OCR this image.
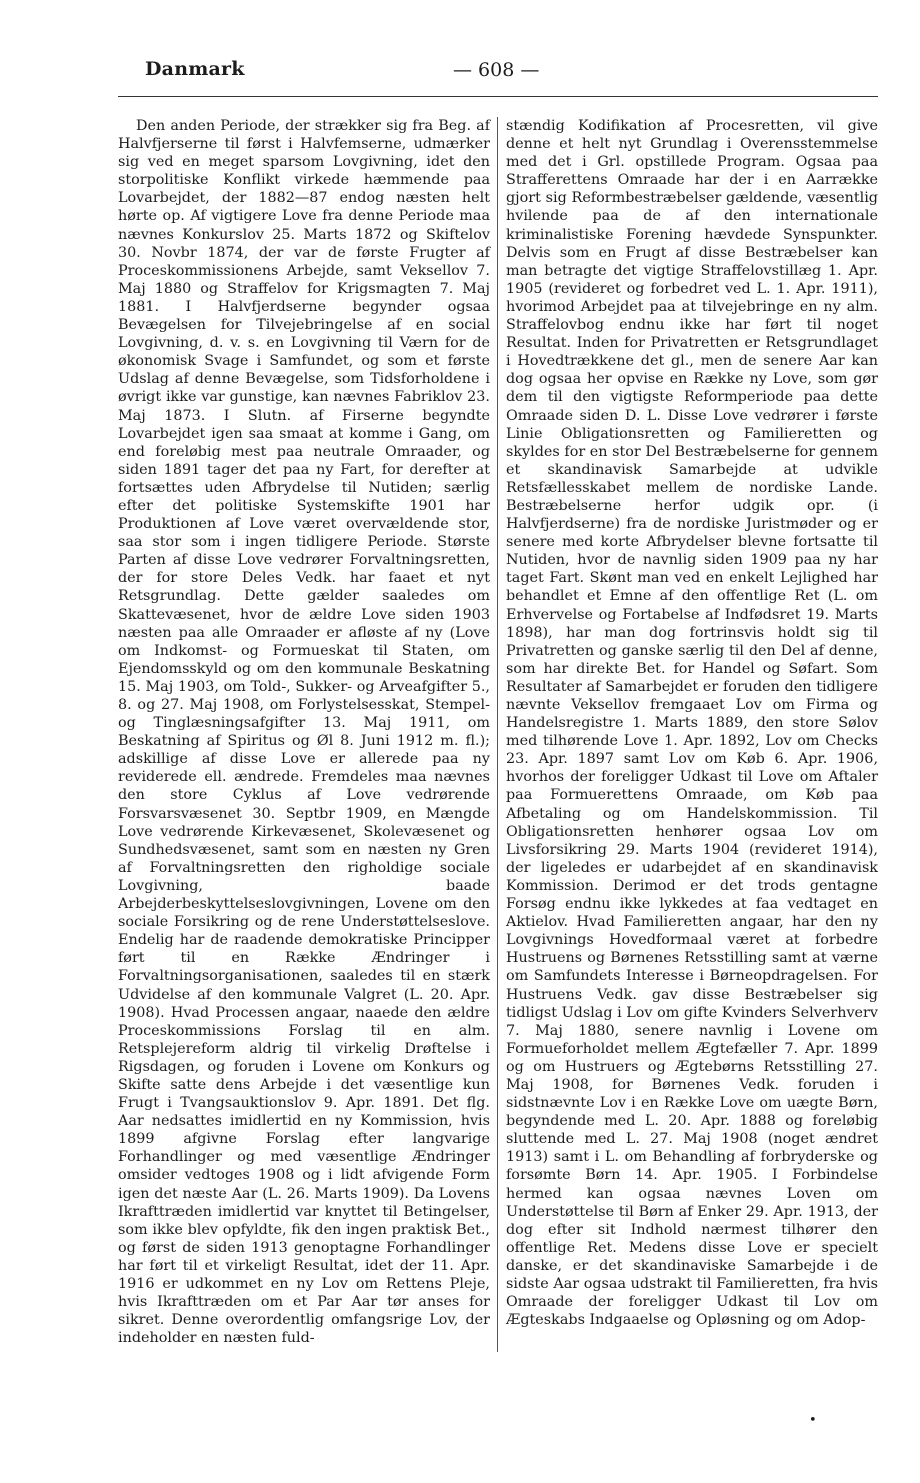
Danmark	— 608 —

Den anden Periode, der strækker sig fra Beg. af Halvfjerserne til først i Halvfemserne, udmærker sig ved en meget sparsom Lovgivning, idet den storpolitiske Konflikt virkede hæmmende paa Lovarbejdet, der 1882—87 endog næsten helt hørte op. Af vigtigere Love fra denne Periode maa nævnes Konkurslov 25. Marts 1872 og Skiftelov 30. Novbr 1874, der var de første Frugter af Proceskommissionens Arbejde, samt Veksellov 7. Maj 1880 og Straffelov for Krigsmagten 7. Maj 1881. I Halvfjerdserne begynder ogsaa Bevægelsen for Tilvejebringelse af en social Lovgivning, d. v. s. en Lovgivning til Værn for de økonomisk Svage i Samfundet, og som et første Udslag af denne Bevægelse, som Tidsforholdene i øvrigt ikke var gunstige, kan nævnes Fabriklov 23. Maj 1873. I Slutn. af Firserne begyndte Lovarbejdet igen saa smaat at komme i Gang, om end foreløbig mest paa neutrale Omraader, og siden 1891 tager det paa ny Fart, for derefter at fortsættes uden Afbrydelse til Nutiden; særlig efter det politiske Systemskifte 1901 har Produktionen af Love været overvældende stor, saa stor som i ingen tidligere Periode. Største Parten af disse Love vedrører Forvaltningsretten, der for store Deles Vedk. har faaet et nyt Retsgrundlag. Dette gælder saaledes om Skattevæsenet, hvor de ældre Love siden 1903 næsten paa alle Omraader er afløste af ny (Love om Indkomst- og Formueskat til Staten, om Ejendomsskyld og om den kommunale Beskatning 15. Maj 1903, om Told-, Sukker- og Arveafgifter 5., 8. og 27. Maj 1908, om Forlystelsesskat, Stempel- og Tinglæsningsafgifter 13. Maj 1911, om Beskatning af Spiritus og Øl 8. Juni 1912 m. fl.); adskillige af disse Love er allerede paa ny reviderede ell. ændrede. Fremdeles maa nævnes den store Cyklus af Love vedrørende Forsvarsvæsenet 30. Septbr 1909, en Mængde Love vedrørende Kirkevæsenet, Skolevæsenet og Sundhedsvæsenet, samt som en næsten ny Gren af Forvaltningsretten den righoldige sociale Lovgivning, baade Arbejderbeskyttelseslovgivningen, Lovene om den sociale Forsikring og de rene Understøttelseslove. Endelig har de raadende demokratiske Principper ført til en Række Ændringer i Forvaltningsorganisationen, saaledes til en stærk Udvidelse af den kommunale Valgret (L. 20. Apr. 1908). Hvad Processen angaar, naaede den ældre Proceskommissions Forslag til en alm. Retsplejereform aldrig til virkelig Drøftelse i Rigsdagen, og foruden i Lovene om Konkurs og Skifte satte dens Arbejde i det væsentlige kun Frugt i Tvangsauktionslov 9. Apr. 1891. Det flg. Aar nedsattes imidlertid en ny Kommission, hvis 1899 afgivne Forslag efter langvarige Forhandlinger og med væsentlige Ændringer omsider vedtoges 1908 og i lidt afvigende Form igen det næste Aar (L. 26. Marts 1909). Da Lovens Ikrafttræden imidlertid var knyttet til Betingelser, som ikke blev opfyldte, fik den ingen praktisk Bet., og først de siden 1913 genoptagne Forhandlinger har ført til et virkeligt Resultat, idet der 11. Apr. 1916 er udkommet en ny Lov om Rettens Pleje, hvis Ikrafttræden om et Par Aar tør anses for sikret. Denne overordentlig omfangsrige Lov, der indeholder en næsten fuld-

stændig Kodifikation af Procesretten, vil give denne et helt nyt Grundlag i Overensstemmelse med det i Grl. opstillede Program. Ogsaa paa Strafferettens Omraade har der i en Aarrække gjort sig Reformbestræbelser gældende, væsentlig hvilende paa de af den internationale kriminalistiske Forening hævdede Synspunkter. Delvis som en Frugt af disse Bestræbelser kan man betragte det vigtige Straffelovstillæg 1. Apr. 1905 (revideret og forbedret ved L. 1. Apr. 1911), hvorimod Arbejdet paa at tilvejebringe en ny alm. Straffelovbog endnu ikke har ført til noget Resultat. Inden for Privatretten er Retsgrundlaget i Hovedtrækkene det gl., men de senere Aar kan dog ogsaa her opvise en Række ny Love, som gør dem til den vigtigste Reformperiode paa dette Omraade siden D. L. Disse Love vedrører i første Linie Obligationsretten og Familieretten og skyldes for en stor Del Bestræbelserne for gennem et skandinavisk Samarbejde at udvikle Retsfællesskabet mellem de nordiske Lande. Bestræbelserne herfor udgik opr. (i Halvfjerdserne) fra de nordiske Juristmøder og er senere med korte Afbrydelser blevne fortsatte til Nutiden, hvor de navnlig siden 1909 paa ny har taget Fart. Skønt man ved en enkelt Lejlighed har behandlet et Emne af den offentlige Ret (L. om Erhvervelse og Fortabelse af Indfødsret 19. Marts 1898), har man dog fortrinsvis holdt sig til Privatretten og ganske særlig til den Del af denne, som har direkte Bet. for Handel og Søfart. Som Resultater af Samarbejdet er foruden den tidligere nævnte Veksellov fremgaaet Lov om Firma og Handelsregistre 1. Marts 1889, den store Sølov med tilhørende Love 1. Apr. 1892, Lov om Checks 23. Apr. 1897 samt Lov om Køb 6. Apr. 1906, hvorhos der foreligger Udkast til Love om Aftaler paa Formuerettens Omraade, om Køb paa Afbetaling og om Handelskommission. Til Obligationsretten henhører ogsaa Lov om Livsforsikring 29. Marts 1904 (revideret 1914), der ligeledes er udarbejdet af en skandinavisk Kommission. Derimod er det trods gentagne Forsøg endnu ikke lykkedes at faa vedtaget en Aktielov. Hvad Familieretten angaar, har den ny Lovgivnings Hovedformaal været at forbedre Hustruens og Børnenes Retsstilling samt at værne om Samfundets Interesse i Børneopdragelsen. For Hustruens Vedk. gav disse Bestræbelser sig tidligst Udslag i Lov om gifte Kvinders Selverhverv 7. Maj 1880, senere navnlig i Lovene om Formueforholdet mellem Ægtefæller 7. Apr. 1899 og om Hustruers og Ægtebørns Retsstilling 27. Maj 1908, for Børnenes Vedk. foruden i sidstnævnte Lov i en Række Love om uægte Børn, begyndende med L. 20. Apr. 1888 og foreløbig sluttende med L. 27. Maj 1908 (noget ændret 1913) samt i L. om Behandling af forbryderske og forsømte Børn 14. Apr. 1905. I Forbindelse hermed kan ogsaa nævnes Loven om Understøttelse til Børn af Enker 29. Apr. 1913, der dog efter sit Indhold nærmest tilhører den offentlige Ret. Medens disse Love er specielt danske, er det skandinaviske Samarbejde i de sidste Aar ogsaa udstrakt til Familieretten, fra hvis Omraade der foreligger Udkast til Lov om Ægteskabs Indgaaelse og Opløsning og om Adop-

•
